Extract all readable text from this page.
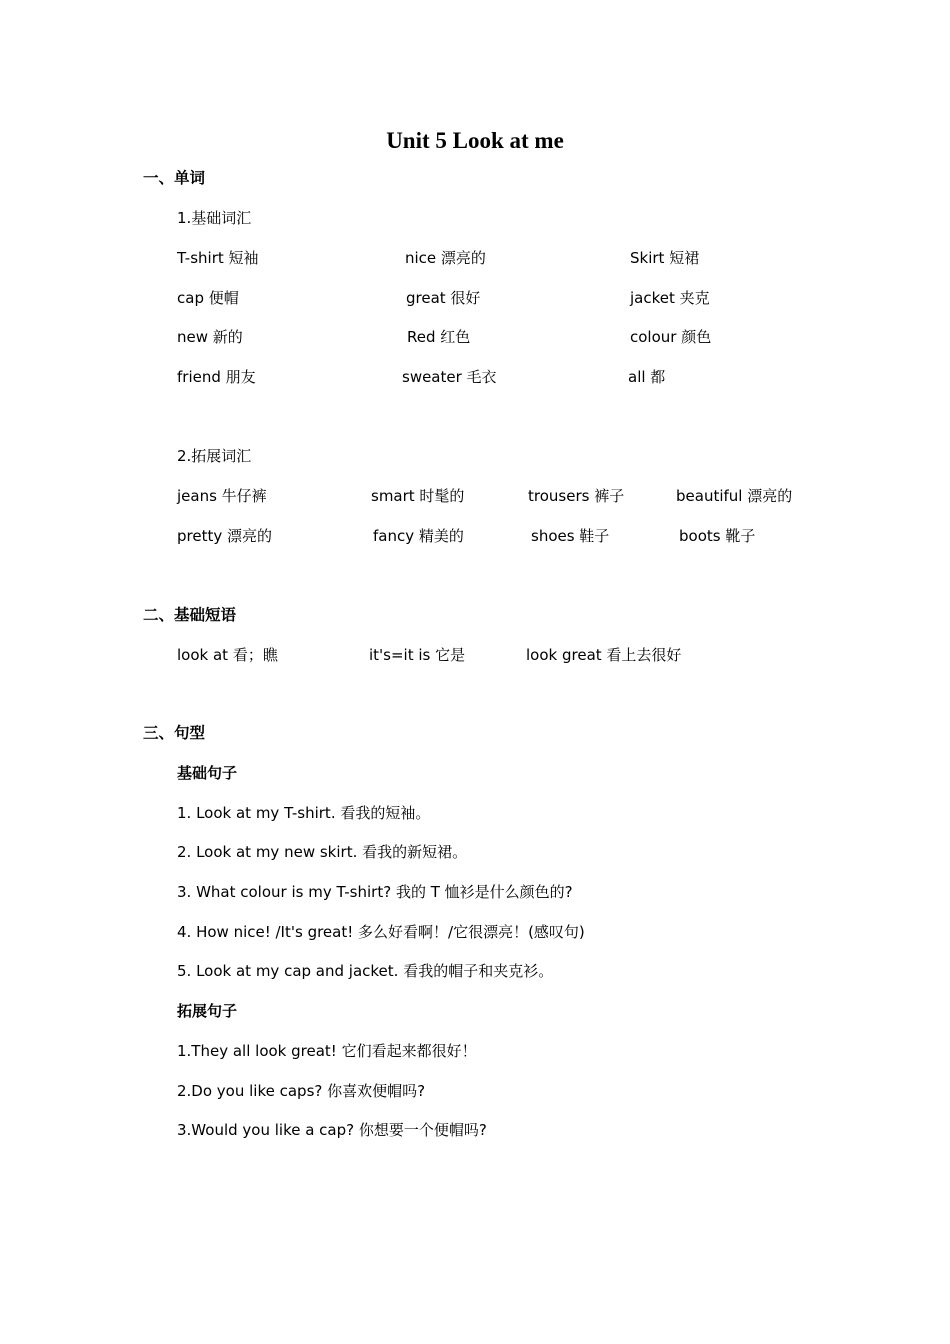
Unit 5 Look at me
一、单词
1.基础词汇
T-shirt 短袖	nice 漂亮的	Skirt 短裙
cap 便帽	great 很好	jacket 夹克
new 新的	Red 红色	colour 颜色
friend 朋友	sweater 毛衣	all 都
2.拓展词汇
jeans 牛仔裤	smart 时髦的	trousers 裤子	beautiful 漂亮的
pretty 漂亮的	fancy 精美的	shoes 鞋子	boots 靴子
二、基础短语
look at 看；瞧	it's=it is 它是	look great 看上去很好
三、句型
基础句子
1. Look at my T-shirt. 看我的短袖。
2. Look at my new skirt. 看我的新短裙。
3. What colour is my T-shirt? 我的 T 恤衫是什么颜色的?
4. How nice! /It's great! 多么好看啊！/它很漂亮！(感叹句)
5. Look at my cap and jacket. 看我的帽子和夹克衫。
拓展句子
1.They all look great! 它们看起来都很好！
2.Do you like caps? 你喜欢便帽吗?
3.Would you like a cap? 你想要一个便帽吗?
